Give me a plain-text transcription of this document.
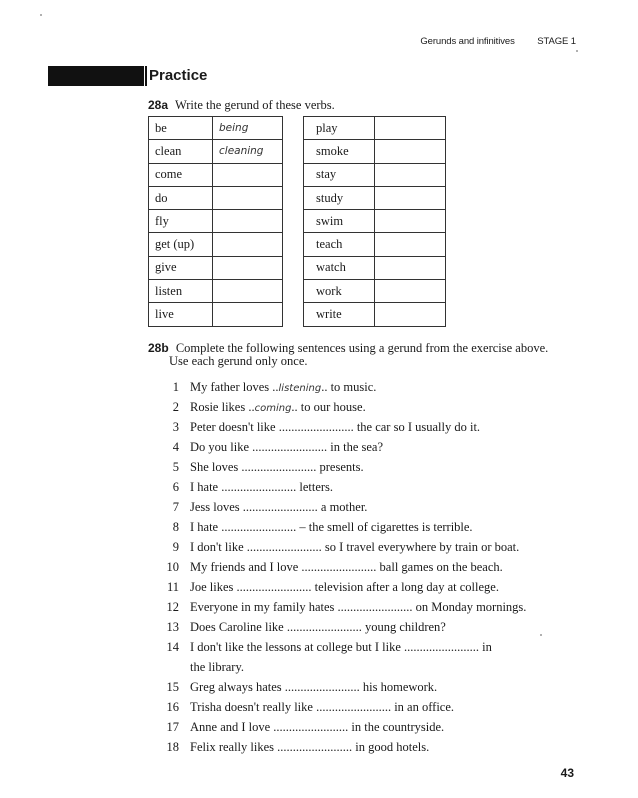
Gerunds and infinitives STAGE 1
Practice
28a Write the gerund of these verbs.
be	being
clean	cleaning
come	
do	
fly	
get (up)	
give	
listen	
live	
play	
smoke	
stay	
study	
swim	
teach	
watch	
work	
write	
28b Complete the following sentences using a gerund from the exercise above.
Use each gerund only once.
1 My father loves ..listening.. to music.
2 Rosie likes ..coming.. to our house.
3 Peter doesn't like ........................ the car so I usually do it.
4 Do you like ........................ in the sea?
5 She loves ........................ presents.
6 I hate ........................ letters.
7 Jess loves ........................ a mother.
8 I hate ........................ – the smell of cigarettes is terrible.
9 I don't like ........................ so I travel everywhere by train or boat.
10 My friends and I love ........................ ball games on the beach.
11 Joe likes ........................ television after a long day at college.
12 Everyone in my family hates ........................ on Monday mornings.
13 Does Caroline like ........................ young children?
14 I don't like the lessons at college but I like ........................ in
the library.
15 Greg always hates ........................ his homework.
16 Trisha doesn't really like ........................ in an office.
17 Anne and I love ........................ in the countryside.
18 Felix really likes ........................ in good hotels.
43
